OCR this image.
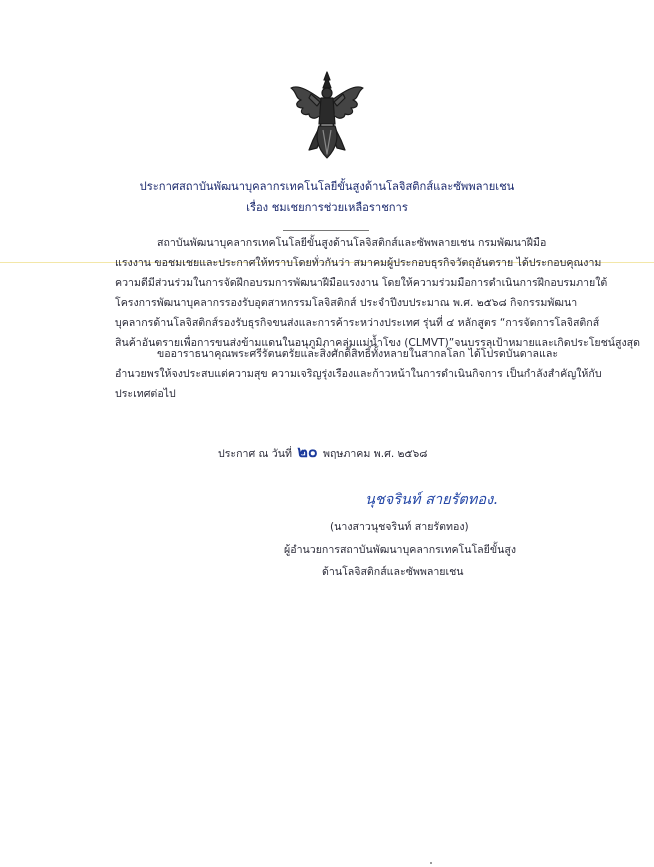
ประกาศสถาบันพัฒนาบุคลากรเทคโนโลยีขั้นสูงด้านโลจิสติกส์และซัพพลายเชน
เรื่อง ชมเชยการช่วยเหลือราชการ
สถาบันพัฒนาบุคลากรเทคโนโลยีขั้นสูงด้านโลจิสติกส์และซัพพลายเชน กรมพัฒนาฝีมือ
แรงงาน ขอชมเชยและประกาศให้ทราบโดยทั่วกันว่า สมาคมผู้ประกอบธุรกิจวัตถุอันตราย ได้ประกอบคุณงาม
ความดีมีส่วนร่วมในการจัดฝึกอบรมการพัฒนาฝีมือแรงงาน โดยให้ความร่วมมือการดำเนินการฝึกอบรมภายใต้
โครงการพัฒนาบุคลากรรองรับอุตสาหกรรมโลจิสติกส์ ประจำปีงบประมาณ พ.ศ. ๒๕๖๘ กิจกรรมพัฒนา
บุคลากรด้านโลจิสติกส์รองรับธุรกิจขนส่งและการค้าระหว่างประเทศ รุ่นที่ ๔ หลักสูตร “การจัดการโลจิสติกส์
สินค้าอันตรายเพื่อการขนส่งข้ามแดนในอนุภูมิภาคลุ่มแม่น้ำโขง (CLMVT)”จนบรรลุเป้าหมายและเกิดประโยชน์สูงสุด
ขออาราธนาคุณพระศรีรัตนตรัยและสิ่งศักดิ์สิทธิ์ทั้งหลายในสากลโลก ได้โปรดบันดาลและ
อำนวยพรให้จงประสบแต่ความสุข ความเจริญรุ่งเรืองและก้าวหน้าในการดำเนินกิจการ เป็นกำลังสำคัญให้กับ
ประเทศต่อไป
ประกาศ ณ วันที่ ๒๐ พฤษภาคม พ.ศ. ๒๕๖๘
นุชจรินท์ สายรัตทอง.
(นางสาวนุชจรินท์ สายรัตทอง)
ผู้อำนวยการสถาบันพัฒนาบุคลากรเทคโนโลยีขั้นสูง
ด้านโลจิสติกส์และซัพพลายเชน
